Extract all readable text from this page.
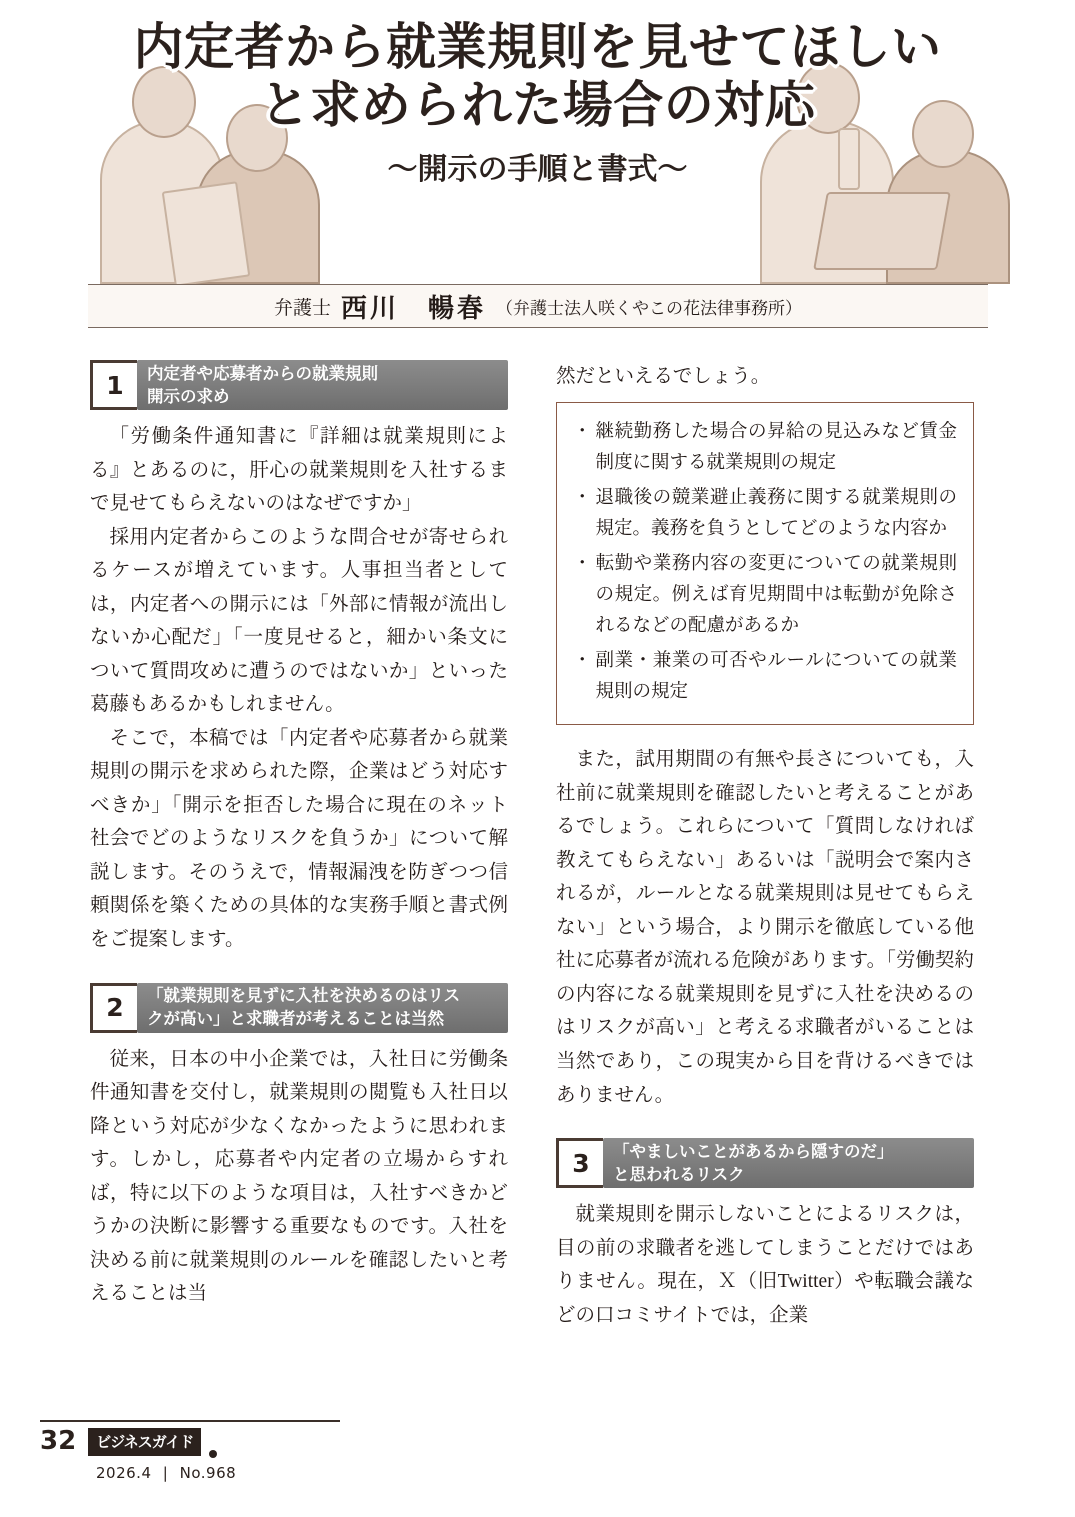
内定者から就業規則を見せてほしい
と求められた場合の対応
〜開示の手順と書式〜
弁護士 西川　暢春 （弁護士法人咲くやこの花法律事務所）
1	内定者や応募者からの就業規則
開示の求め

「労働条件通知書に『詳細は就業規則による』とあるのに，肝心の就業規則を入社するまで見せてもらえないのはなぜですか」

採用内定者からこのような問合せが寄せられるケースが増えています。人事担当者としては，内定者への開示には「外部に情報が流出しないか心配だ」「一度見せると，細かい条文について質問攻めに遭うのではないか」といった葛藤もあるかもしれません。

そこで，本稿では「内定者や応募者から就業規則の開示を求められた際，企業はどう対応すべきか」「開示を拒否した場合に現在のネット社会でどのようなリスクを負うか」について解説します。そのうえで，情報漏洩を防ぎつつ信頼関係を築くための具体的な実務手順と書式例をご提案します。

2	「就業規則を見ずに入社を決めるのはリス
クが高い」と求職者が考えることは当然

従来，日本の中小企業では，入社日に労働条件通知書を交付し，就業規則の閲覧も入社日以降という対応が少なくなかったように思われます。しかし，応募者や内定者の立場からすれば，特に以下のような項目は，入社すべきかどうかの決断に影響する重要なものです。入社を決める前に就業規則のルールを確認したいと考えることは当

然だといえるでしょう。

・ 継続勤務した場合の昇給の見込みなど賃金制度に関する就業規則の規定
・ 退職後の競業避止義務に関する就業規則の規定。義務を負うとしてどのような内容か
・ 転勤や業務内容の変更についての就業規則の規定。例えば育児期間中は転勤が免除されるなどの配慮があるか
・ 副業・兼業の可否やルールについての就業規則の規定

また，試用期間の有無や長さについても，入社前に就業規則を確認したいと考えることがあるでしょう。これらについて「質問しなければ教えてもらえない」あるいは「説明会で案内されるが，ルールとなる就業規則は見せてもらえない」という場合，より開示を徹底している他社に応募者が流れる危険があります。「労働契約の内容になる就業規則を見ずに入社を決めるのはリスクが高い」と考える求職者がいることは当然であり，この現実から目を背けるべきではありません。

3	「やましいことがあるから隠すのだ」
と思われるリスク

就業規則を開示しないことによるリスクは，目の前の求職者を逃してしまうことだけではありません。現在，Ｘ（旧Twitter）や転職会議などの口コミサイトでは，企業

32	ビジネスガイド
2026.4 | No.968
